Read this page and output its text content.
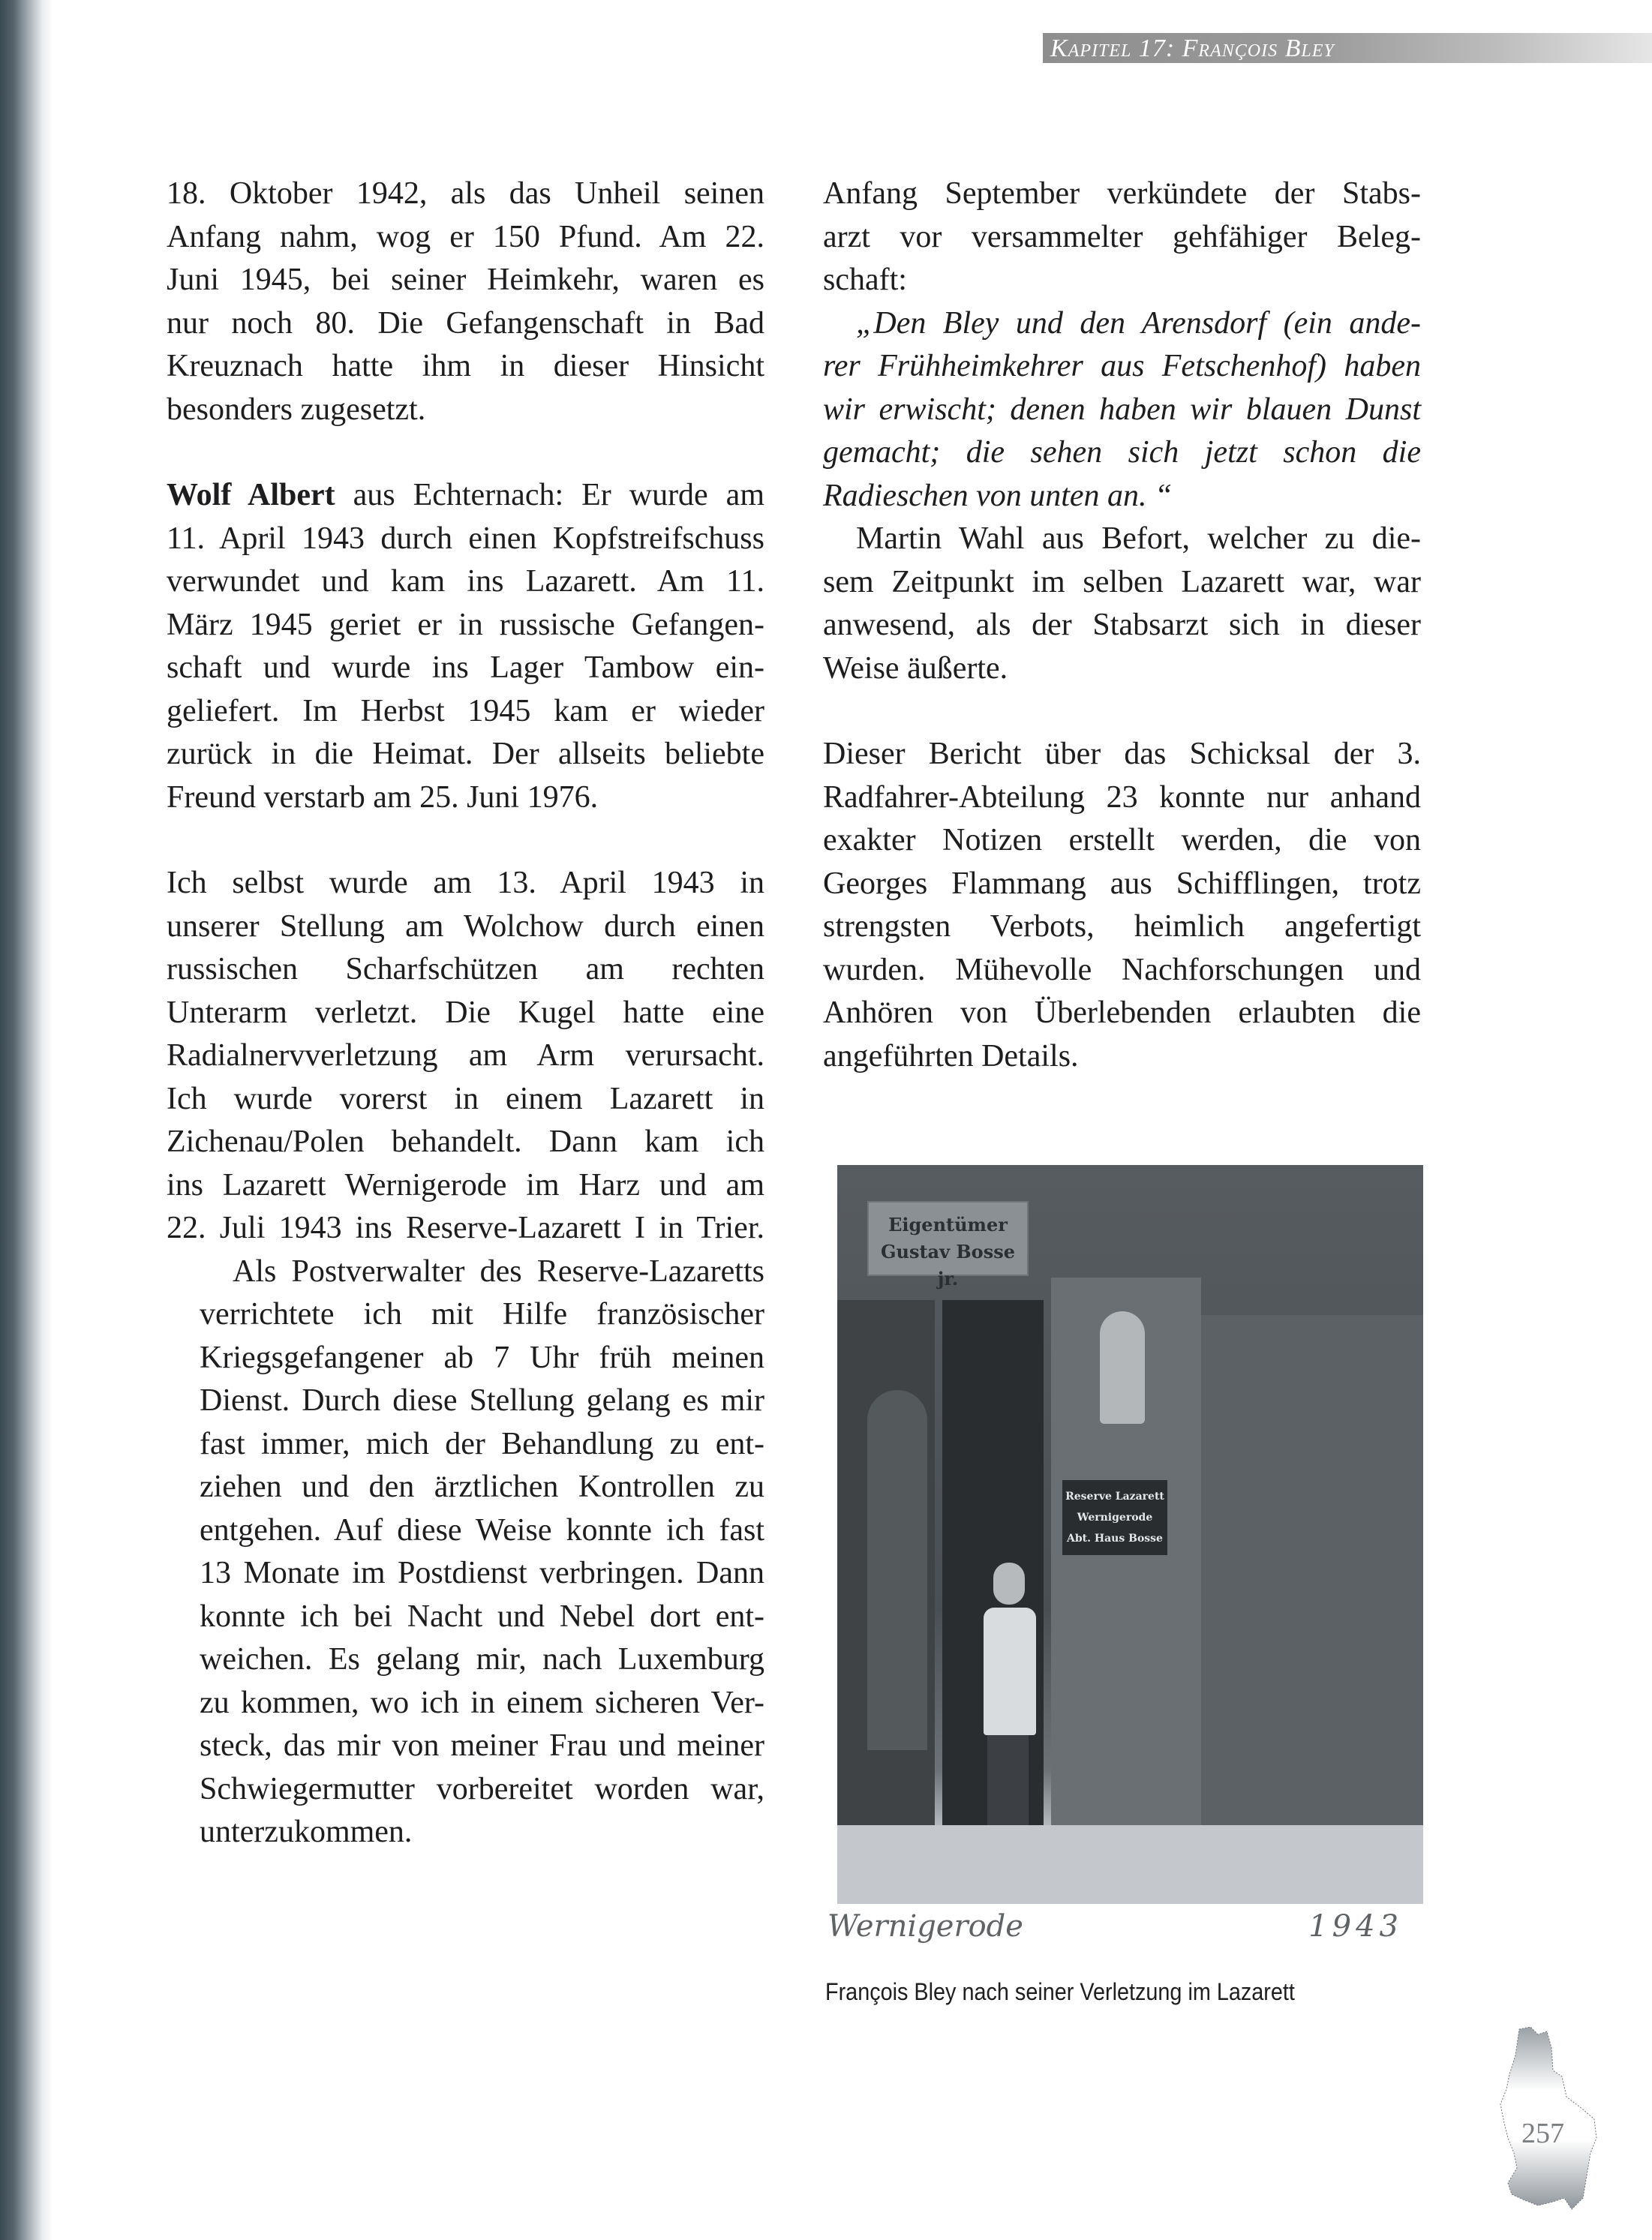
Kapitel 17: François Bley

18. Oktober 1942, als das Unheil seinen
Anfang nahm, wog er 150 Pfund. Am 22.
Juni 1945, bei seiner Heimkehr, waren es
nur noch 80. Die Gefangenschaft in Bad
Kreuznach hatte ihm in dieser Hinsicht
besonders zugesetzt.

Wolf Albert aus Echternach: Er wurde am
11. April 1943 durch einen Kopfstreifschuss
verwundet und kam ins Lazarett. Am 11.
März 1945 geriet er in russische Gefangen-
schaft und wurde ins Lager Tambow ein-
geliefert. Im Herbst 1945 kam er wieder
zurück in die Heimat. Der allseits beliebte
Freund verstarb am 25. Juni 1976.

Ich selbst wurde am 13. April 1943 in
unserer Stellung am Wolchow durch einen
russischen Scharfschützen am rechten
Unterarm verletzt. Die Kugel hatte eine
Radialnervverletzung am Arm verursacht.
Ich wurde vorerst in einem Lazarett in
Zichenau/Polen behandelt. Dann kam ich
ins Lazarett Wernigerode im Harz und am
22. Juli 1943 ins Reserve-Lazarett I in Trier.

Als Postverwalter des Reserve-Lazaretts
verrichtete ich mit Hilfe französischer
Kriegsgefangener ab 7 Uhr früh meinen
Dienst. Durch diese Stellung gelang es mir
fast immer, mich der Behandlung zu ent-
ziehen und den ärztlichen Kontrollen zu
entgehen. Auf diese Weise konnte ich fast
13 Monate im Postdienst verbringen. Dann
konnte ich bei Nacht und Nebel dort ent-
weichen. Es gelang mir, nach Luxemburg
zu kommen, wo ich in einem sicheren Ver-
steck, das mir von meiner Frau und meiner
Schwiegermutter vorbereitet worden war,
unterzukommen.

Anfang September verkündete der Stabs-
arzt vor versammelter gehfähiger Beleg-
schaft:

„Den Bley und den Arensdorf (ein ande-
rer Frühheimkehrer aus Fetschenhof) haben
wir erwischt; denen haben wir blauen Dunst
gemacht; die sehen sich jetzt schon die
Radieschen von unten an. “

Martin Wahl aus Befort, welcher zu die-
sem Zeitpunkt im selben Lazarett war, war
anwesend, als der Stabsarzt sich in dieser
Weise äußerte.

Dieser Bericht über das Schicksal der 3.
Radfahrer-Abteilung 23 konnte nur anhand
exakter Notizen erstellt werden, die von
Georges Flammang aus Schifflingen, trotz
strengsten Verbots, heimlich angefertigt
wurden. Mühevolle Nachforschungen und
Anhören von Überlebenden erlaubten die
angeführten Details.

Eigentümer
Gustav Bosse jr.
Reserve Lazarett
Wernigerode
Abt. Haus Bosse
Wernigerode	1943
François Bley nach seiner Verletzung im Lazarett
257
